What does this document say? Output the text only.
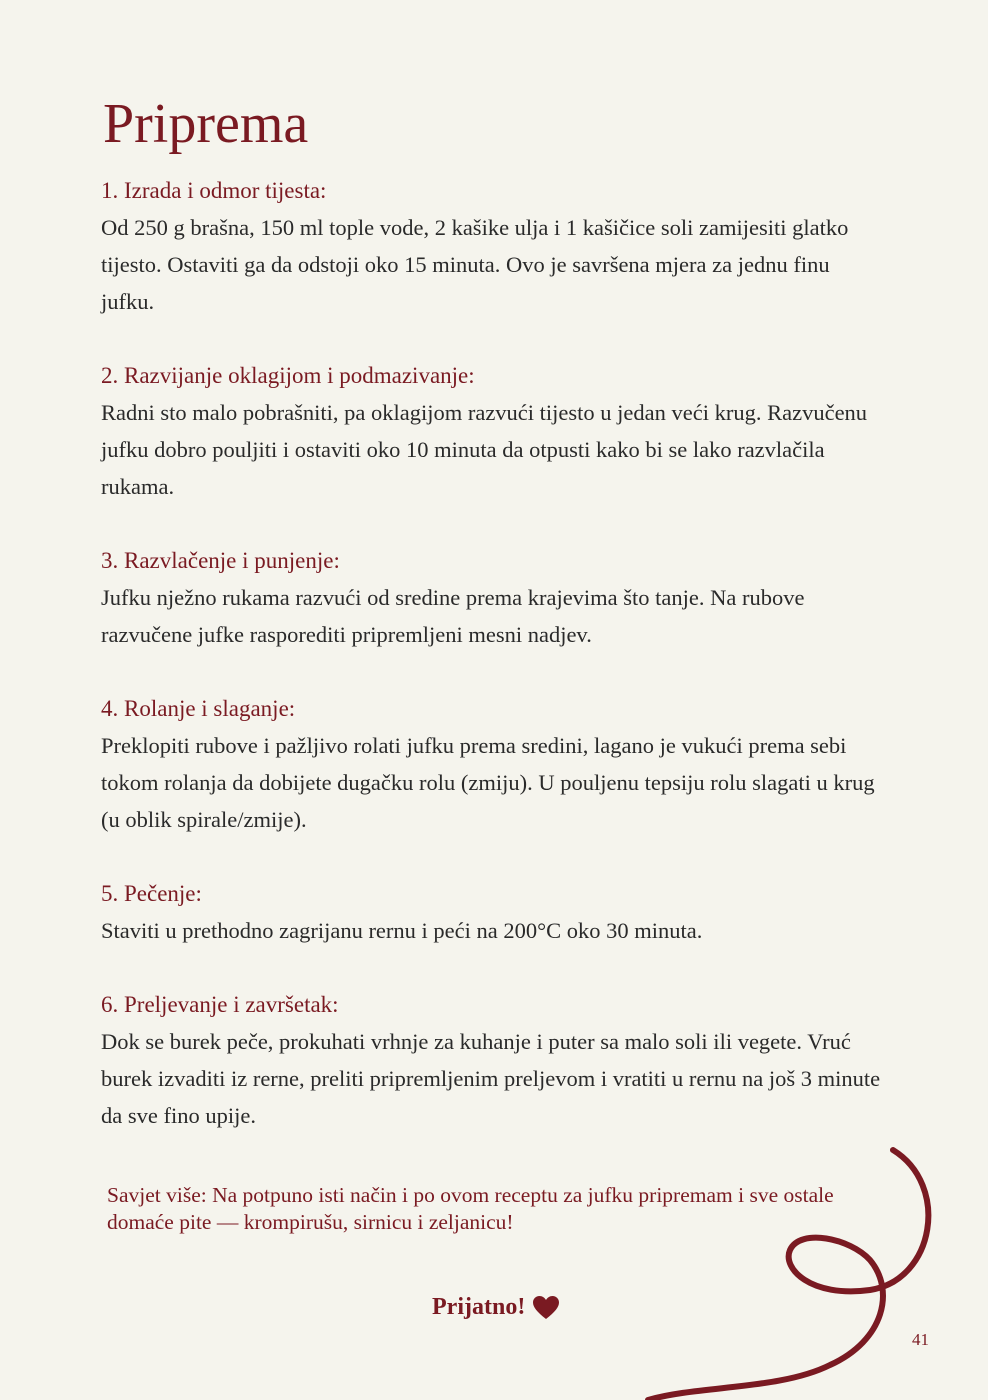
Priprema

1. Izrada i odmor tijesta:

Od 250 g brašna, 150 ml tople vode, 2 kašike ulja i 1 kašičice soli zamijesiti glatko tijesto. Ostaviti ga da odstoji oko 15 minuta. Ovo je savršena mjera za jednu finu jufku.

2. Razvijanje oklagijom i podmazivanje:

Radni sto malo pobrašniti, pa oklagijom razvući tijesto u jedan veći krug. Razvučenu jufku dobro pouljiti i ostaviti oko 10 minuta da otpusti kako bi se lako razvlačila rukama.

3. Razvlačenje i punjenje:

Jufku nježno rukama razvući od sredine prema krajevima što tanje. Na rubove razvučene jufke rasporediti pripremljeni mesni nadjev.

4. Rolanje i slaganje:

Preklopiti rubove i pažljivo rolati jufku prema sredini, lagano je vukući prema sebi tokom rolanja da dobijete dugačku rolu (zmiju). U pouljenu tepsiju rolu slagati u krug (u oblik spirale/zmije).

5. Pečenje:

Staviti u prethodno zagrijanu rernu i peći na 200°C oko 30 minuta.

6. Preljevanje i završetak:

Dok se burek peče, prokuhati vrhnje za kuhanje i puter sa malo soli ili vegete. Vruć burek izvaditi iz rerne, preliti pripremljenim preljevom i vratiti u rernu na još 3 minute da sve fino upije.

Savjet više: Na potpuno isti način i po ovom receptu za jufku pripremam i sve ostale domaće pite — krompirušu, sirnicu i zeljanicu!

Prijatno!
41
